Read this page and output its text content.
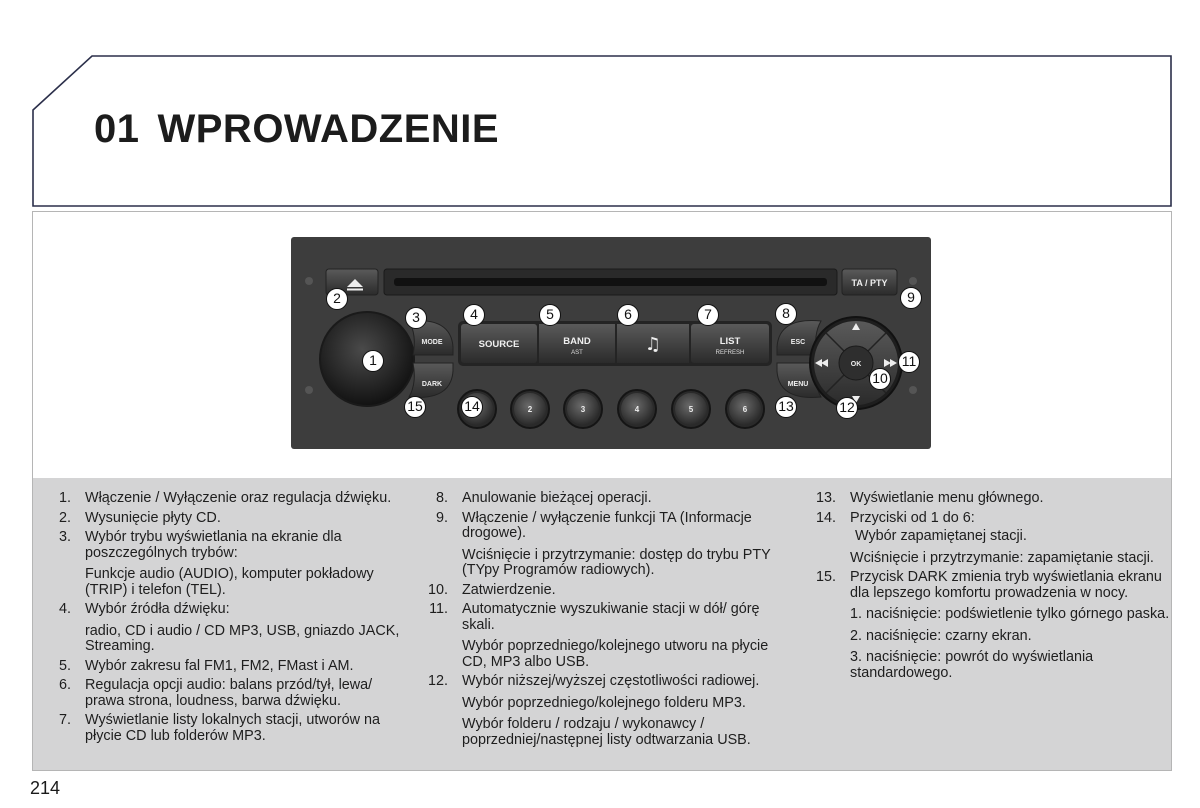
01 WPROWADZENIE
TA / PTY
MODE
DARK
SOURCE	BAND
AST	♫	LIST
REFRESH
ESC
MENU
OK
2	3	4	5	6
1
2
3	4	5	6	7	8
9
10
11
12
13
14
15
1. Włączenie / Wyłączenie oraz regulacja dźwięku.
2. Wysunięcie płyty CD.
3. Wybór trybu wyświetlania na ekranie dla poszczególnych trybów:
Funkcje audio (AUDIO), komputer pokładowy (TRIP) i telefon (TEL).
4. Wybór źródła dźwięku:
radio, CD i audio / CD MP3, USB, gniazdo JACK, Streaming.
5. Wybór zakresu fal FM1, FM2, FMast i AM.
6. Regulacja opcji audio: balans przód/tył, lewa/ prawa strona, loudness, barwa dźwięku.
7. Wyświetlanie listy lokalnych stacji, utworów na płycie CD lub folderów MP3.
8. Anulowanie bieżącej operacji.
9. Włączenie / wyłączenie funkcji TA (Informacje drogowe).
Wciśnięcie i przytrzymanie: dostęp do trybu PTY (TYpy Programów radiowych).
10. Zatwierdzenie.
11. Automatycznie wyszukiwanie stacji w dół/ górę skali.
Wybór poprzedniego/kolejnego utworu na płycie CD, MP3 albo USB.
12. Wybór niższej/wyższej częstotliwości radiowej.
Wybór poprzedniego/kolejnego folderu MP3.
Wybór folderu / rodzaju / wykonawcy / poprzedniej/następnej listy odtwarzania USB.
13. Wyświetlanie menu głównego.
14. Przyciski od 1 do 6:
Wybór zapamiętanej stacji.
Wciśnięcie i przytrzymanie: zapamiętanie stacji.
15. Przycisk DARK zmienia tryb wyświetlania ekranu dla lepszego komfortu prowadzenia w nocy.
1. naciśnięcie: podświetlenie tylko górnego paska.
2. naciśnięcie: czarny ekran.
3. naciśnięcie: powrót do wyświetlania standardowego.
214
